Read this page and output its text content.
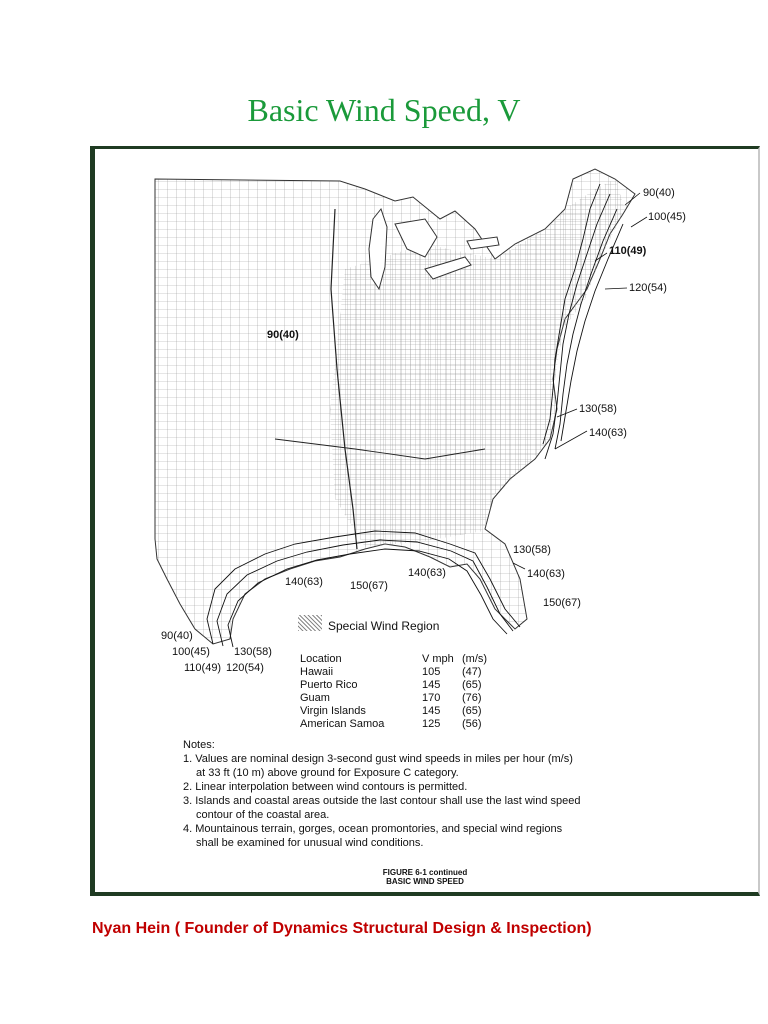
Basic Wind Speed, V
90(40)
100(45)
110(49)
120(54)
90(40)
130(58)
140(63)
130(58)
140(63)
150(67)
140(63)
140(63) 150(67)
90(40)
100(45) 130(58)
110(49) 120(54)
Special Wind Region
Location	V mph	(m/s)
Hawaii	105	(47)
Puerto Rico	145	(65)
Guam	170	(76)
Virgin Islands	145	(65)
American Samoa	125	(56)
Notes:
1. Values are nominal design 3-second gust wind speeds in miles per hour (m/s)
at 33 ft (10 m) above ground for Exposure C category.
2. Linear interpolation between wind contours is permitted.
3. Islands and coastal areas outside the last contour shall use the last wind speed
contour of the coastal area.
4. Mountainous terrain, gorges, ocean promontories, and special wind regions
shall be examined for unusual wind conditions.
FIGURE 6-1 continued
BASIC WIND SPEED
Nyan Hein ( Founder of Dynamics Structural Design & Inspection)
